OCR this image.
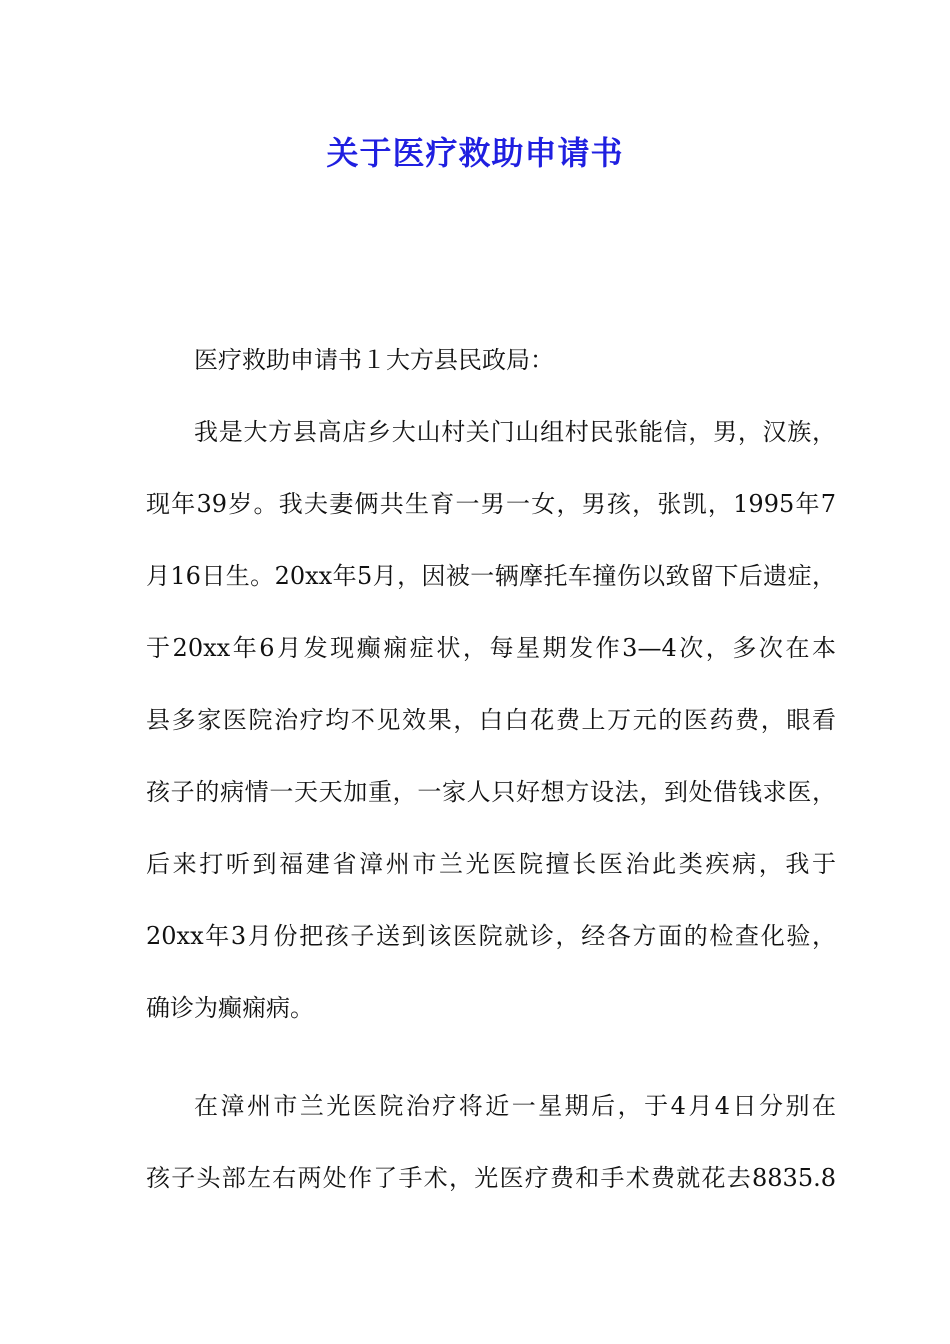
关于医疗救助申请书
医疗救助申请书１大方县民政局：
我是大方县高店乡大山村关门山组村民张能信，男，汉族，
现年39岁。我夫妻俩共生育一男一女，男孩，张凯，1995年7
月16日生。20xx年5月，因被一辆摩托车撞伤以致留下后遗症，
于20xx年6月发现癫痫症状，每星期发作3—4次，多次在本
县多家医院治疗均不见效果，白白花费上万元的医药费，眼看
孩子的病情一天天加重，一家人只好想方设法，到处借钱求医，
后来打听到福建省漳州市兰光医院擅长医治此类疾病，我于
20xx年3月份把孩子送到该医院就诊，经各方面的检查化验，
确诊为癫痫病。
在漳州市兰光医院治疗将近一星期后，于4月4日分别在
孩子头部左右两处作了手术，光医疗费和手术费就花去8835.8
